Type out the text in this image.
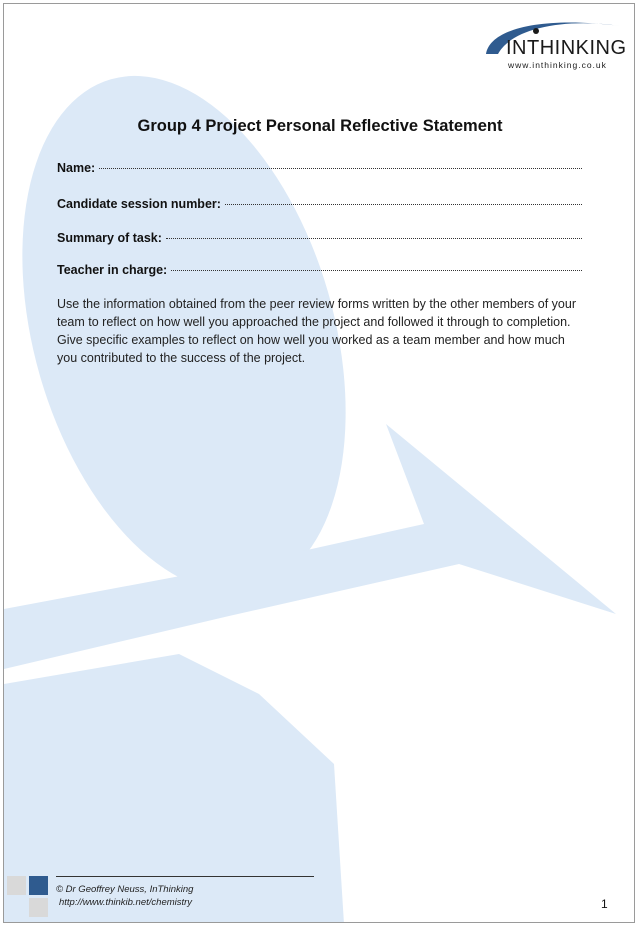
INTHINKING
www.inthinking.co.uk
Group 4 Project Personal Reflective Statement
Name:
Candidate session number:
Summary of task:
Teacher in charge:
Use the information obtained from the peer review forms written by the other members of your team to reflect on how well you approached the project and followed it through to completion. Give specific examples to reflect on how well you worked as a team member and how much you contributed to the success of the project.
© Dr Geoffrey Neuss, InThinking
http://www.thinkib.net/chemistry	1
